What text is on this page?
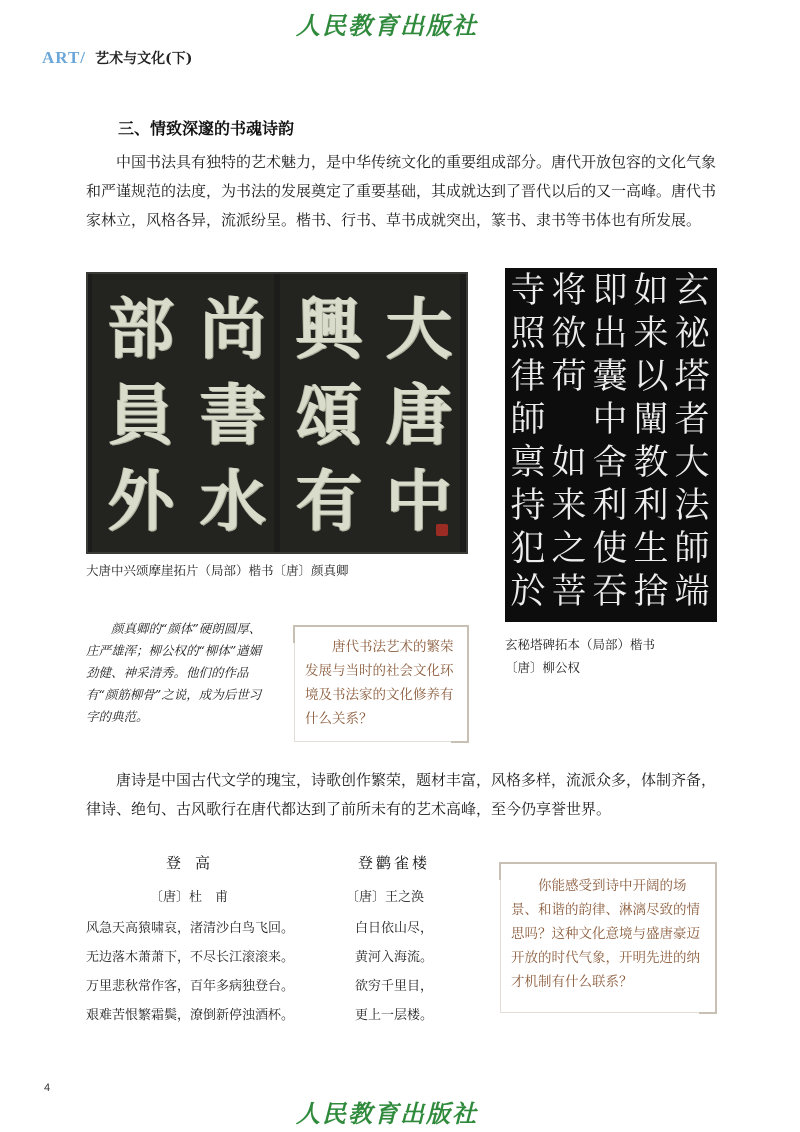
人民教育出版社
ART/ 艺术与文化(下)
三、情致深邃的书魂诗韵

中国书法具有独特的艺术魅力，是中华传统文化的重要组成部分。唐代开放包容的文化气象和严谨规范的法度，为书法的发展奠定了重要基础，其成就达到了晋代以后的又一高峰。唐代书家林立，风格各异，流派纷呈。楷书、行书、草书成就突出，篆书、隶书等书体也有所发展。

大
唐
中
興
頌
有
尚
書
水
部
員
外
大唐中兴颂摩崖拓片（局部）楷书〔唐〕颜真卿
玄
祕
塔
者
大
法
師
端
如
来
以
闡
教
利
生
捨
即
出
囊
中
舍
利
使
吞
将
欲
荷
如
来
之
菩
寺
照
律
師
禀
持
犯
於
玄秘塔碑拓本（局部）楷书
〔唐〕柳公权

颜真卿的“颜体”硬朗圆厚、庄严雄浑；柳公权的“柳体”遒媚劲健、神采清秀。他们的作品有“颜筋柳骨”之说，成为后世习字的典范。

唐代书法艺术的繁荣发展与当时的社会文化环境及书法家的文化修养有什么关系？

唐诗是中国古代文学的瑰宝，诗歌创作繁荣，题材丰富，风格多样，流派众多，体制齐备，律诗、绝句、古风歌行在唐代都达到了前所未有的艺术高峰，至今仍享誉世界。

登高
〔唐〕杜　甫
风急天高猿啸哀，渚清沙白鸟飞回。
无边落木萧萧下，不尽长江滚滚来。
万里悲秋常作客，百年多病独登台。
艰难苦恨繁霜鬓，潦倒新停浊酒杯。
登鹳雀楼
〔唐〕王之涣
白日依山尽，
黄河入海流。
欲穷千里目，
更上一层楼。

你能感受到诗中开阔的场景、和谐的韵律、淋漓尽致的情思吗？这种文化意境与盛唐豪迈开放的时代气象，开明先进的纳才机制有什么联系？

4
人民教育出版社
